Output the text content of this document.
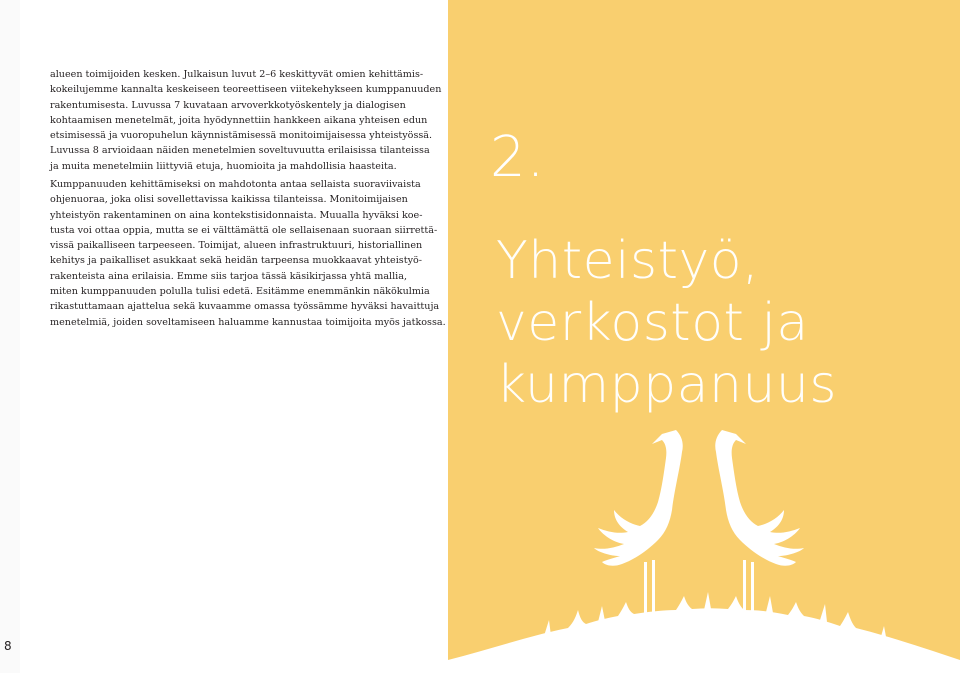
alueen toimijoiden kesken. Julkaisun luvut 2–6 keskittyvät omien kehittämis-
kokeilujemme kannalta keskeiseen teoreettiseen viitekehykseen kumppanuuden
rakentumisesta. Luvussa 7 kuvataan arvoverkkotyöskentely ja dialogisen
kohtaamisen menetelmät, joita hyödynnettiin hankkeen aikana yhteisen edun
etsimisessä ja vuoropuhelun käynnistämisessä monitoimijaisessa yhteistyössä.
Luvussa 8 arvioidaan näiden menetelmien soveltuvuutta erilaisissa tilanteissa
ja muita menetelmiin liittyviä etuja, huomioita ja mahdollisia haasteita.

Kumppanuuden kehittämiseksi on mahdotonta antaa sellaista suoraviivaista
ohjenuoraa, joka olisi sovellettavissa kaikissa tilanteissa. Monitoimijaisen
yhteistyön rakentaminen on aina kontekstisidonnaista. Muualla hyväksi koe-
tusta voi ottaa oppia, mutta se ei välttämättä ole sellaisenaan suoraan siirrettä-
vissä paikalliseen tarpeeseen. Toimijat, alueen infrastruktuuri, historiallinen
kehitys ja paikalliset asukkaat sekä heidän tarpeensa muokkaavat yhteistyö-
rakenteista aina erilaisia. Emme siis tarjoa tässä käsikirjassa yhtä mallia,
miten kumppanuuden polulla tulisi edetä. Esitämme enemmänkin näkökulmia
rikastuttamaan ajattelua sekä kuvaamme omassa työssämme hyväksi havaittuja
menetelmiä, joiden soveltamiseen haluamme kannustaa toimijoita myös jatkossa.

8
2.
Yhteistyö,
verkostot ja
kumppanuus
